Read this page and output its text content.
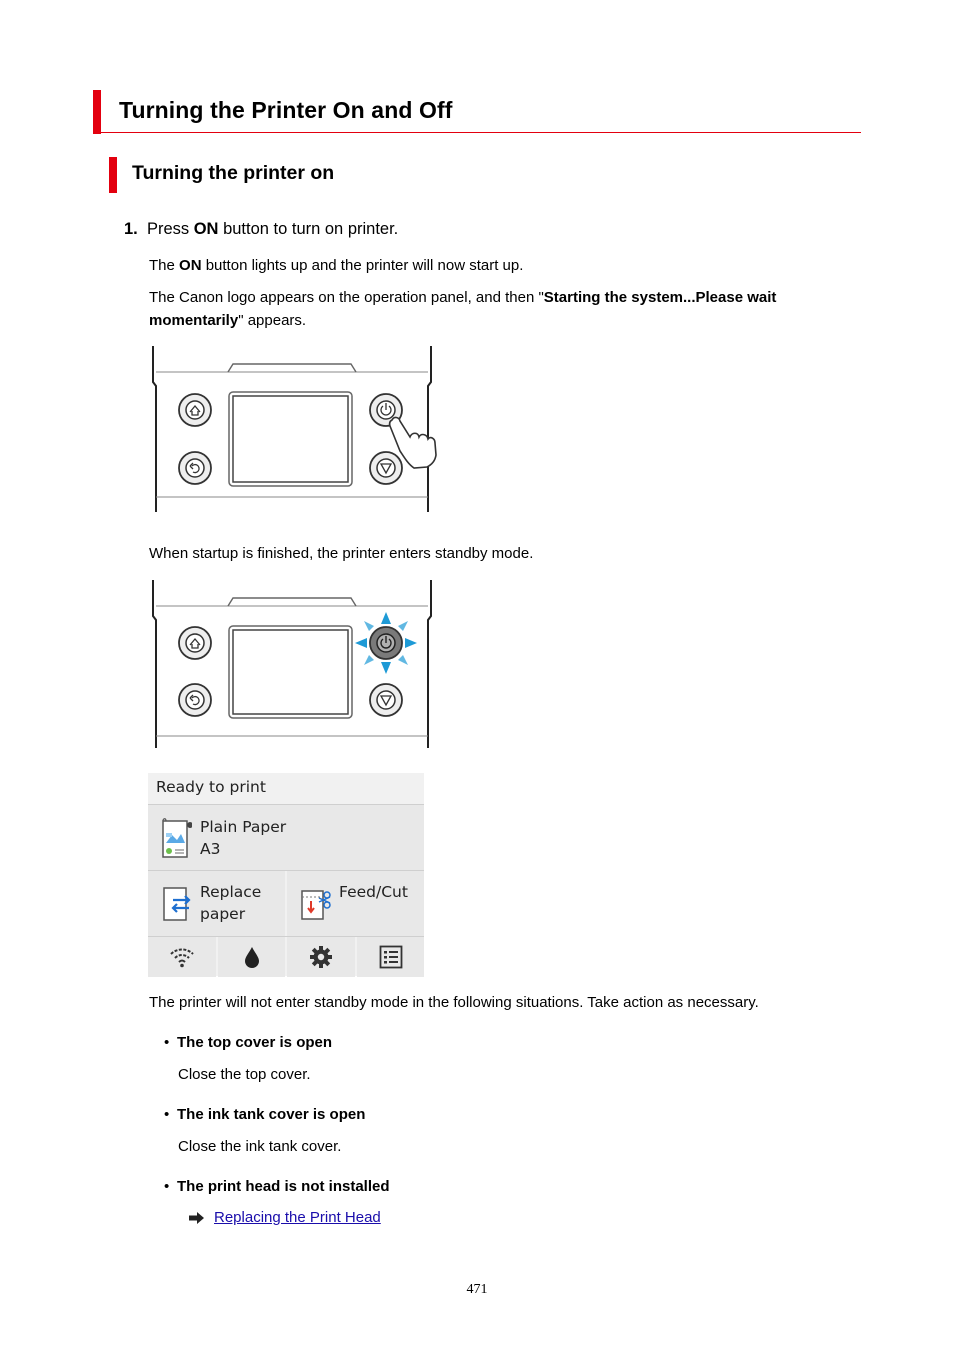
Turning the Printer On and Off
Turning the printer on
1. Press ON button to turn on printer.
The ON button lights up and the printer will now start up.
The Canon logo appears on the operation panel, and then "Starting the system...Please wait
momentarily" appears.
When startup is finished, the printer enters standby mode.
Ready to print
Plain Paper
A3
Replace
paper
Feed/Cut
The printer will not enter standby mode in the following situations. Take action as necessary.
• The top cover is open
Close the top cover.
• The ink tank cover is open
Close the ink tank cover.
• The print head is not installed
Replacing the Print Head
471
